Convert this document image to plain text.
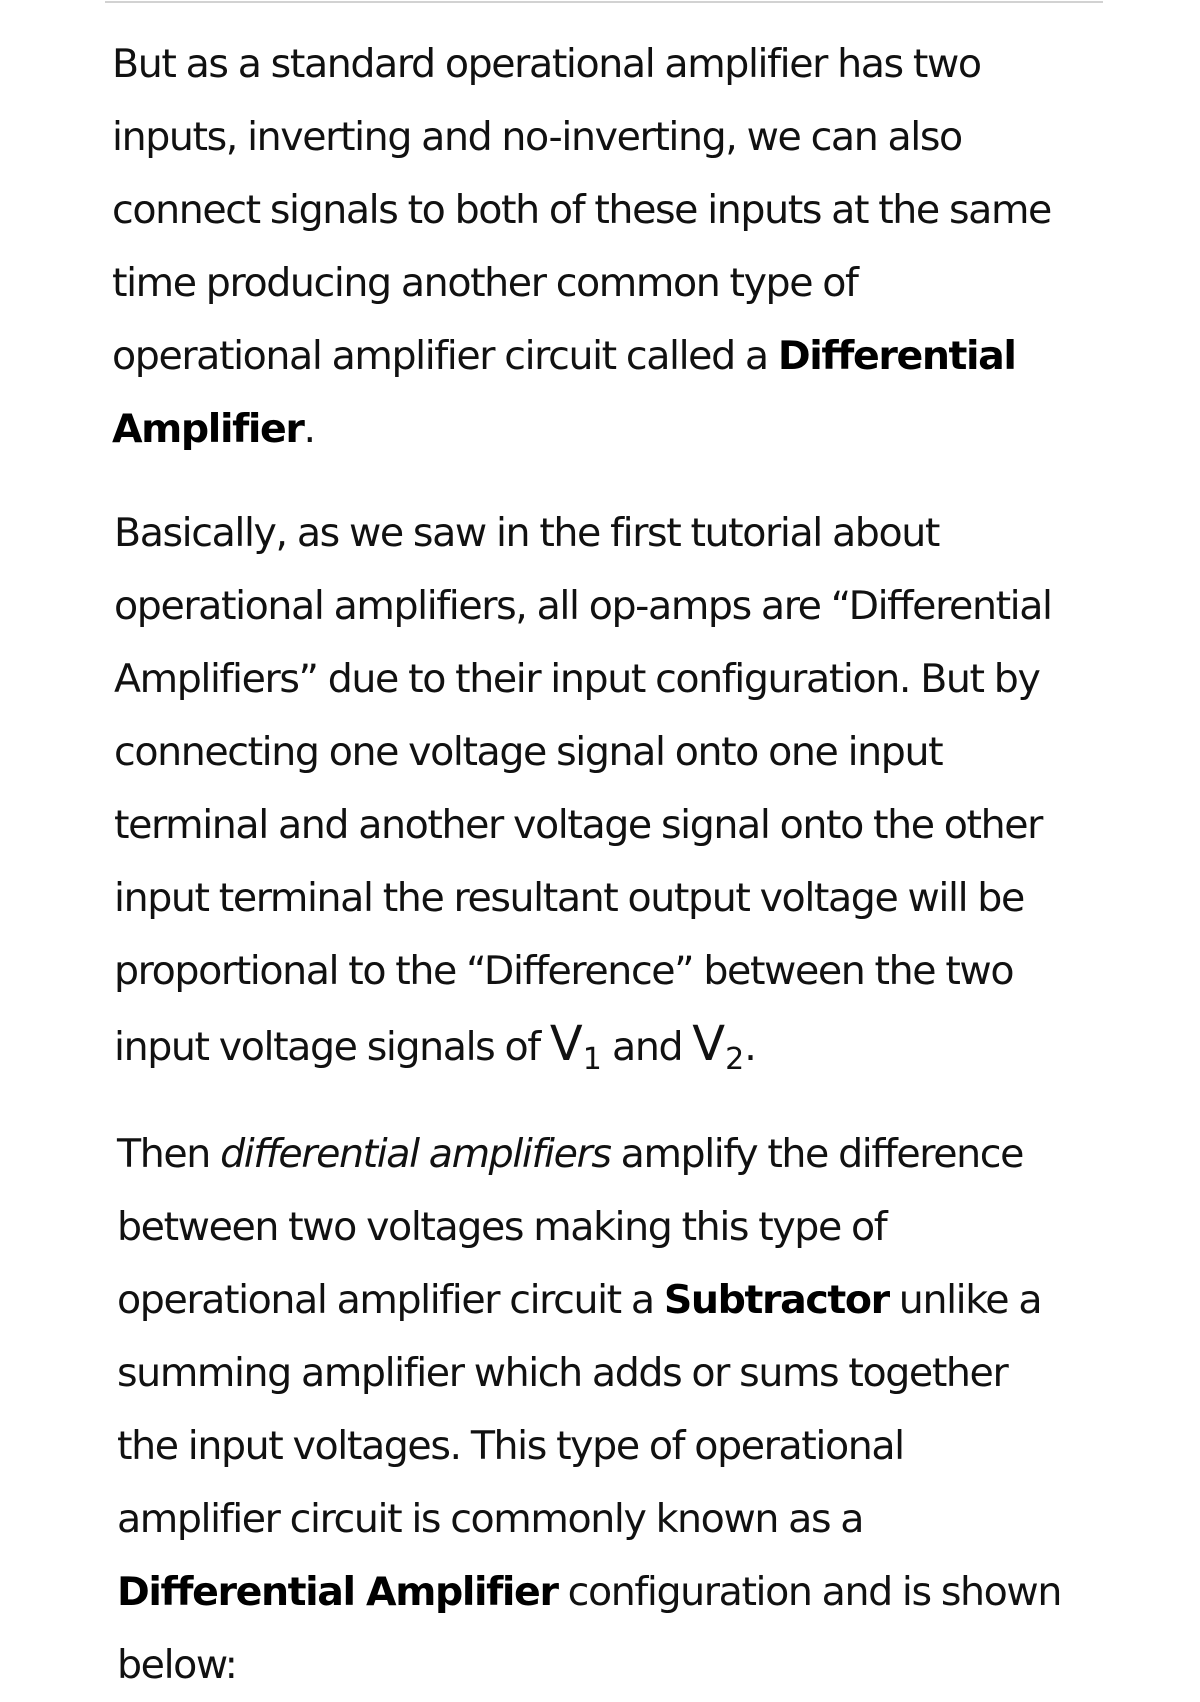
But as a standard operational amplifier has two
inputs, inverting and no-inverting, we can also
connect signals to both of these inputs at the same
time producing another common type of
operational amplifier circuit called a Differential
Amplifier.

Basically, as we saw in the first tutorial about
operational amplifiers, all op-amps are “Differential
Amplifiers” due to their input configuration. But by
connecting one voltage signal onto one input
terminal and another voltage signal onto the other
input terminal the resultant output voltage will be
proportional to the “Difference” between the two
input voltage signals of $V_1$ and $V_2$.

Then differential amplifiers amplify the difference
between two voltages making this type of
operational amplifier circuit a Subtractor unlike a
summing amplifier which adds or sums together
the input voltages. This type of operational
amplifier circuit is commonly known as a
Differential Amplifier configuration and is shown
below:
